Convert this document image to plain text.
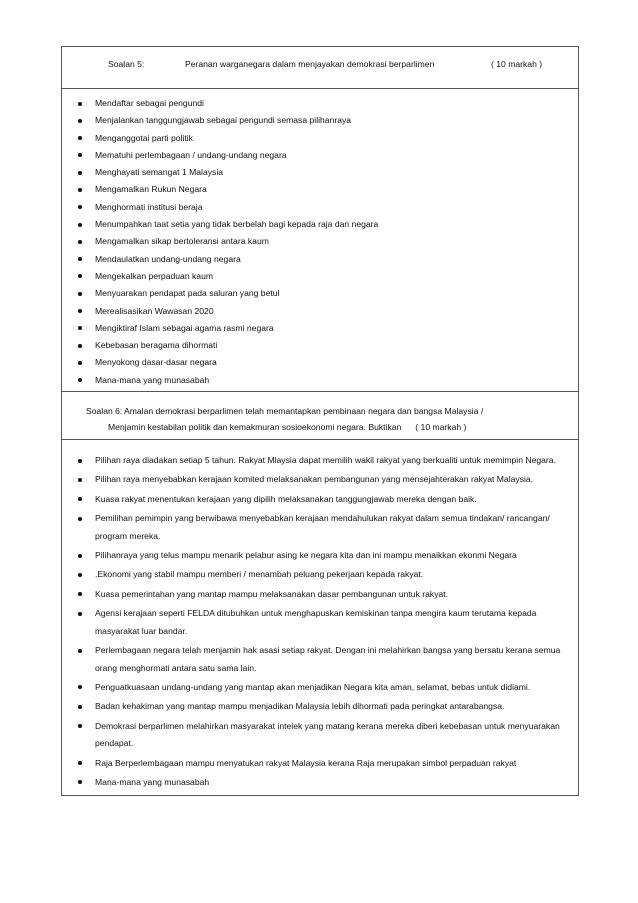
Soalan 5:	Peranan warganegara dalam menjayakan demokrasi berparlimen	( 10 markah )
Mendaftar sebagai pengundi
Menjalankan tanggungjawab sebagai pengundi semasa pilihanraya
Menganggotai parti politik
Mematuhi perlembagaan / undang-undang negara
Menghayati semangat 1 Malaysia
Mengamalkan Rukun Negara
Menghormati institusi beraja
Menumpahkan taat setia yang tidak berbelah bagi kepada raja dan negara
Mengamalkan sikap bertoleransi antara kaum
Mendaulatkan undang-undang negara
Mengekalkan perpaduan kaum
Menyuarakan pendapat pada saluran yang betul
Merealisasikan Wawasan 2020
Mengiktiraf Islam sebagai agama rasmi negara
Kebebasan beragama dihormati
Menyokong dasar-dasar negara
Mana-mana yang munasabah
Soalan 6: Amalan demokrasi berparlimen telah memantapkan pembinaan negara dan bangsa Malaysia /
Menjamin kestabilan politik dan kemakmuran sosioekonomi negara. Buktikan ( 10 markah )
Pilihan raya diadakan setiap 5 tahun. Rakyat Mlaysia dapat memilih wakil rakyat yang berkualiti untuk memimpin Negara.
Pilihan raya menyebabkan kerajaan komited melaksanakan pembangunan yang mensejahterakan rakyat Malaysia.
Kuasa rakyat menentukan kerajaan yang dipilih melaksanakan tanggungjawab mereka dengan baik.
Pemilihan pemimpin yang berwibawa menyebabkan kerajaan mendahulukan rakyat dalam semua tindakan/ rancangan/ program mereka.
Pilihanraya yang telus mampu menarik pelabur asing ke negara kita dan ini mampu menaikkan ekonmi Negara
.Ekonomi yang stabil mampu memberi / menambah peluang pekerjaan kepada rakyat.
Kuasa pemerintahan yang mantap mampu melaksanakan dasar pembangunan untuk rakyat.
Agensi kerajaan seperti FELDA ditubuhkan untuk menghapuskan kemiskinan tanpa mengira kaum terutama kepada masyarakat luar bandar.
Perlembagaan negara telah menjamin hak asasi setiap rakyat. Dengan ini melahirkan bangsa yang bersatu kerana semua orang menghormati antara satu sama lain.
Penguatkuasaan undang-undang yang mantap akan menjadikan Negara kita aman, selamat, bebas untuk didiami.
Badan kehakiman yang mantap mampu menjadikan Malaysia lebih dihormati pada peringkat antarabangsa.
Demokrasi berparlimen melahirkan masyarakat intelek yang matang kerana mereka diberi kebebasan untuk menyuarakan pendapat.
Raja Berperlembagaan mampu menyatukan rakyat Malaysia kerana Raja merupakan simbol perpaduan rakyat
Mana-mana yang munasabah
